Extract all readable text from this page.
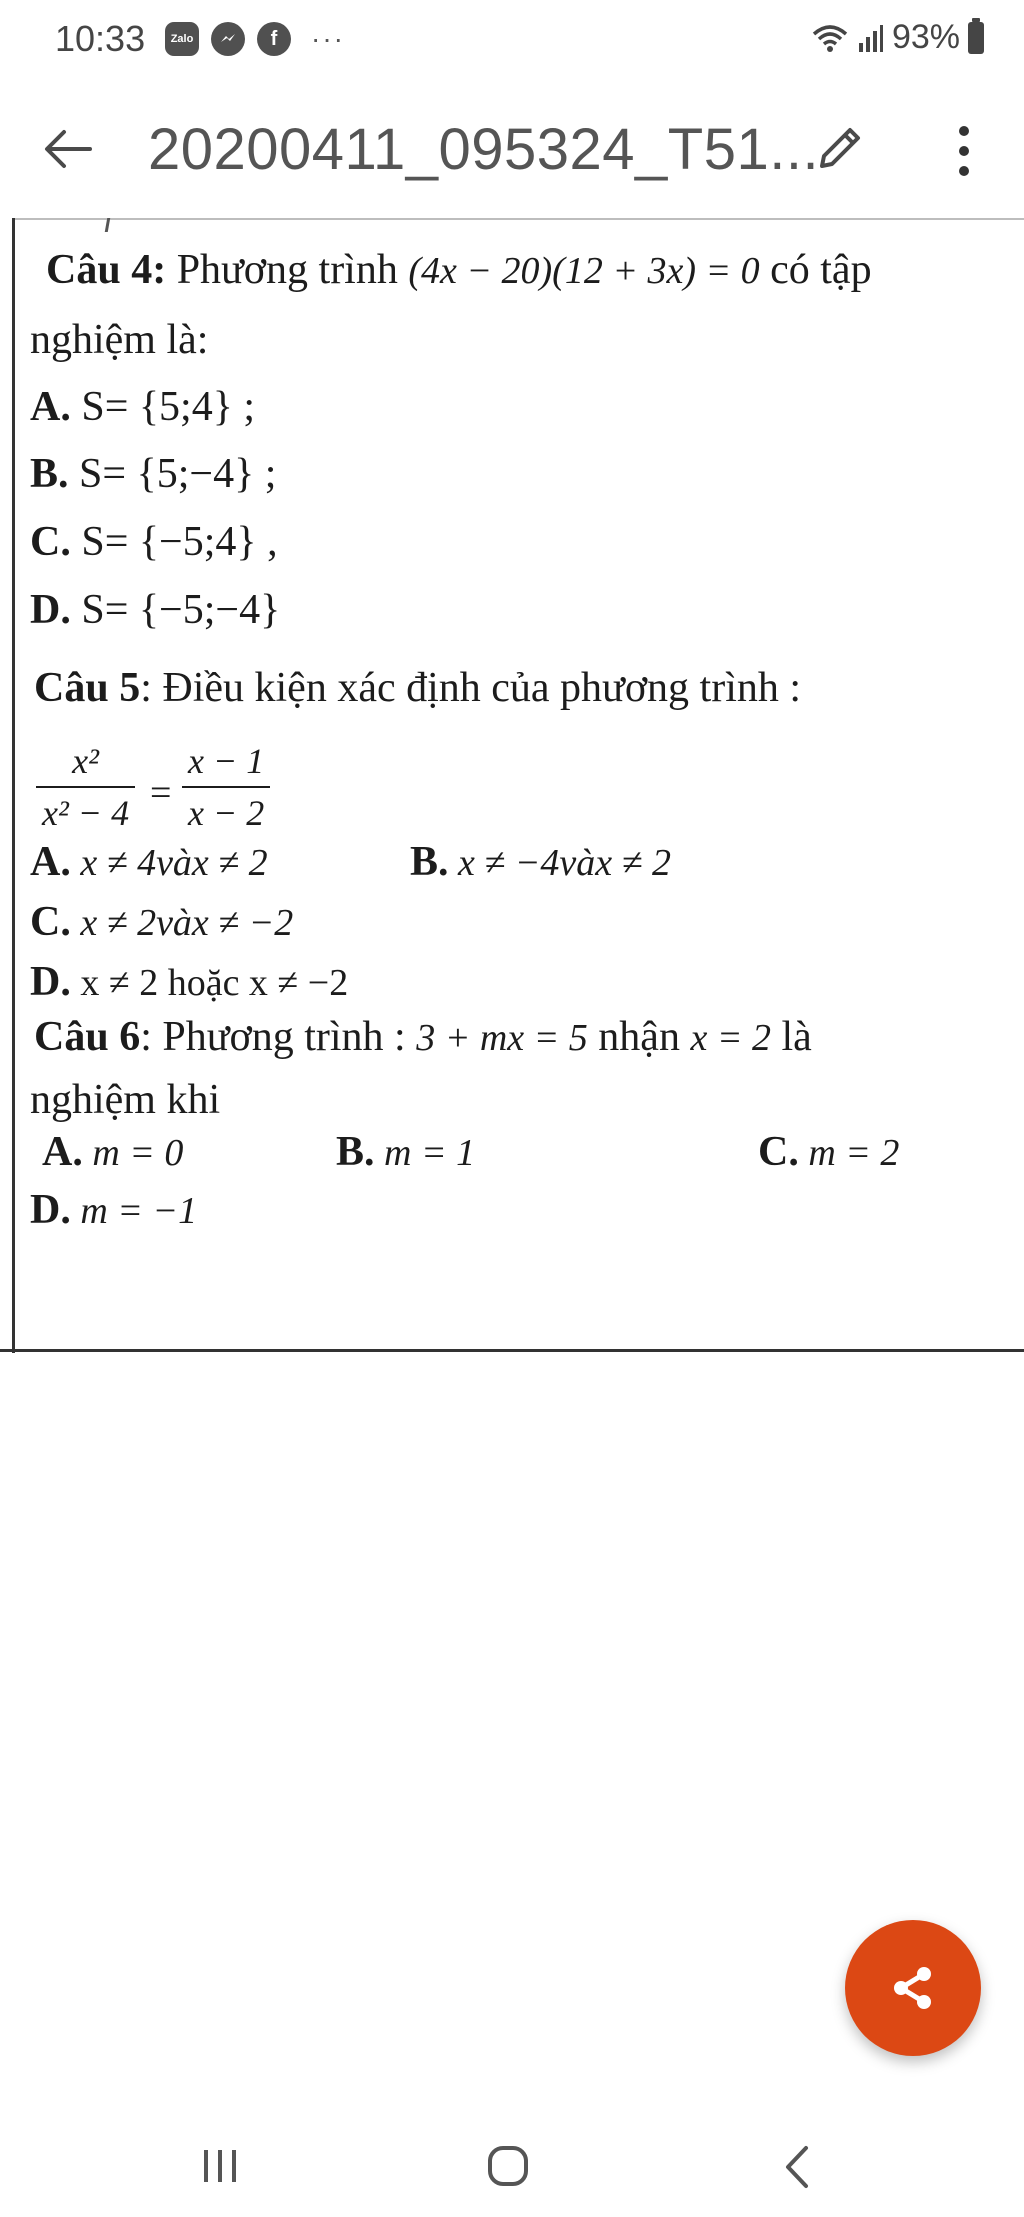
10:33	Zalo	f	···	93%
20200411_095324_T51...
Câu 4: Phương trình (4x − 20)(12 + 3x) = 0 có tập
nghiệm là:
A. S= {5;4} ;
B. S= {5;−4} ;
C. S= {−5;4} ,
D. S= {−5;−4}
Câu 5: Điều kiện xác định của phương trình :
x²
x² − 4 =
x − 1
x − 2
A. x ≠ 4vàx ≠ 2	B. x ≠ −4vàx ≠ 2
C. x ≠ 2vàx ≠ −2
D. x ≠ 2 hoặc x ≠ −2
Câu 6: Phương trình : 3 + mx = 5 nhận x = 2 là
nghiệm khi
A. m = 0	B. m = 1	C. m = 2
D. m = −1
